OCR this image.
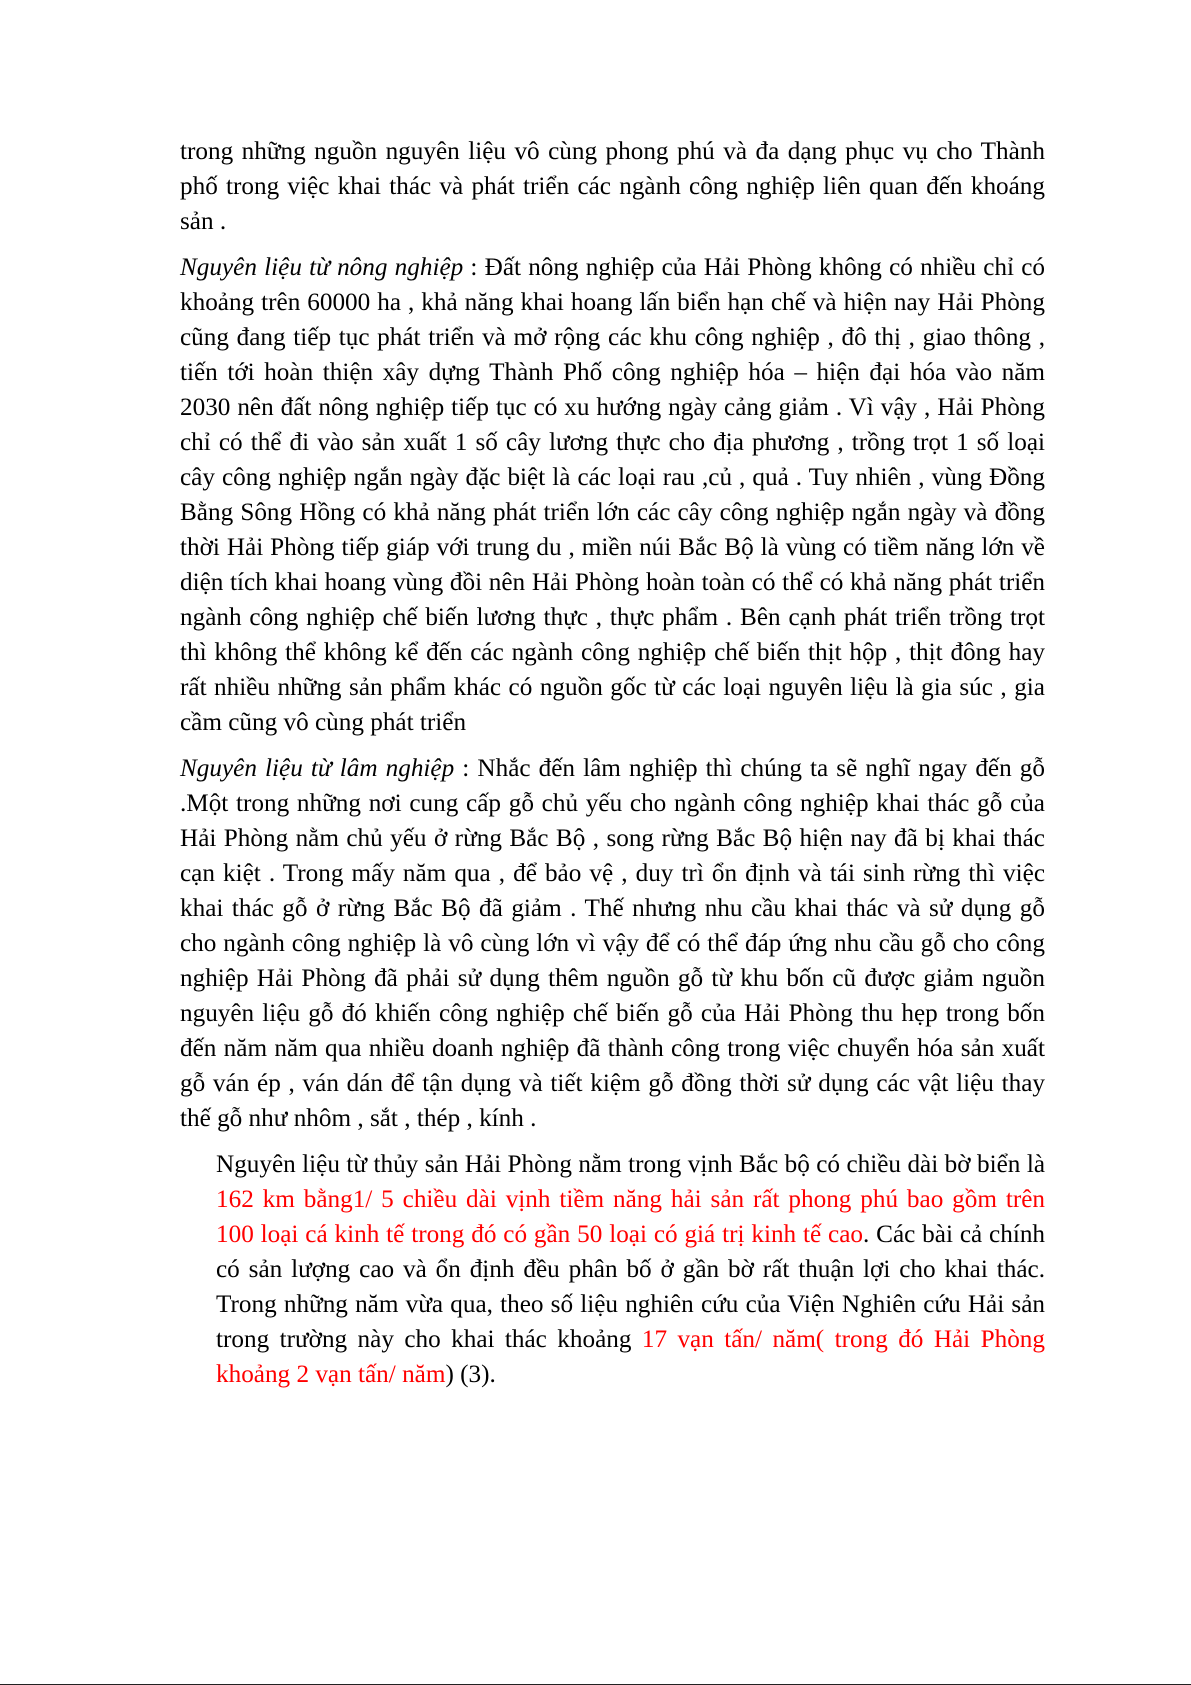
trong những nguồn nguyên liệu vô cùng phong phú và đa dạng phục vụ cho Thành phố trong việc khai thác và phát triển các ngành công nghiệp liên quan đến khoáng sản .

Nguyên liệu từ nông nghiệp : Đất nông nghiệp của Hải Phòng không có nhiều chỉ có khoảng trên 60000 ha , khả năng khai hoang lấn biển hạn chế và hiện nay Hải Phòng cũng đang tiếp tục phát triển và mở rộng các khu công nghiệp , đô thị , giao thông , tiến tới hoàn thiện xây dựng Thành Phố công nghiệp hóa – hiện đại hóa vào năm 2030 nên đất nông nghiệp tiếp tục có xu hướng ngày cảng giảm . Vì vậy , Hải Phòng chỉ có thể đi vào sản xuất 1 số cây lương thực cho địa phương , trồng trọt 1 số loại cây công nghiệp ngắn ngày đặc biệt là các loại rau ,củ , quả . Tuy nhiên , vùng Đồng Bằng Sông Hồng có khả năng phát triển lớn các cây công nghiệp ngắn ngày và đồng thời Hải Phòng tiếp giáp với trung du , miền núi Bắc Bộ là vùng có tiềm năng lớn về diện tích khai hoang vùng đồi nên Hải Phòng hoàn toàn có thể có khả năng phát triển ngành công nghiệp chế biến lương thực , thực phẩm . Bên cạnh phát triển trồng trọt thì không thể không kể đến các ngành công nghiệp chế biến thịt hộp , thịt đông hay rất nhiều những sản phẩm khác có nguồn gốc từ các loại nguyên liệu là gia súc , gia cầm cũng vô cùng phát triển

Nguyên liệu từ lâm nghiệp : Nhắc đến lâm nghiệp thì chúng ta sẽ nghĩ ngay đến gỗ .Một trong những nơi cung cấp gỗ chủ yếu cho ngành công nghiệp khai thác gỗ của Hải Phòng nằm chủ yếu ở rừng Bắc Bộ , song rừng Bắc Bộ hiện nay đã bị khai thác cạn kiệt . Trong mấy năm qua , để bảo vệ , duy trì ổn định và tái sinh rừng thì việc khai thác gỗ ở rừng Bắc Bộ đã giảm . Thế nhưng nhu cầu khai thác và sử dụng gỗ cho ngành công nghiệp là vô cùng lớn vì vậy để có thể đáp ứng nhu cầu gỗ cho công nghiệp Hải Phòng đã phải sử dụng thêm nguồn gỗ từ khu bốn cũ được giảm nguồn nguyên liệu gỗ đó khiến công nghiệp chế biến gỗ của Hải Phòng thu hẹp trong bốn đến năm năm qua nhiều doanh nghiệp đã thành công trong việc chuyển hóa sản xuất gỗ ván ép , ván dán để tận dụng và tiết kiệm gỗ đồng thời sử dụng các vật liệu thay thế gỗ như nhôm , sắt , thép , kính .

Nguyên liệu từ thủy sản Hải Phòng nằm trong vịnh Bắc bộ có chiều dài bờ biển là 162 km bằng1/ 5 chiều dài vịnh tiềm năng hải sản rất phong phú bao gồm trên 100 loại cá kinh tế trong đó có gần 50 loại có giá trị kinh tế cao. Các bài cả chính có sản lượng cao và ổn định đều phân bố ở gần bờ rất thuận lợi cho khai thác. Trong những năm vừa qua, theo số liệu nghiên cứu của Viện Nghiên cứu Hải sản trong trường này cho khai thác khoảng 17 vạn tấn/ năm( trong đó Hải Phòng khoảng 2 vạn tấn/ năm) (3).
